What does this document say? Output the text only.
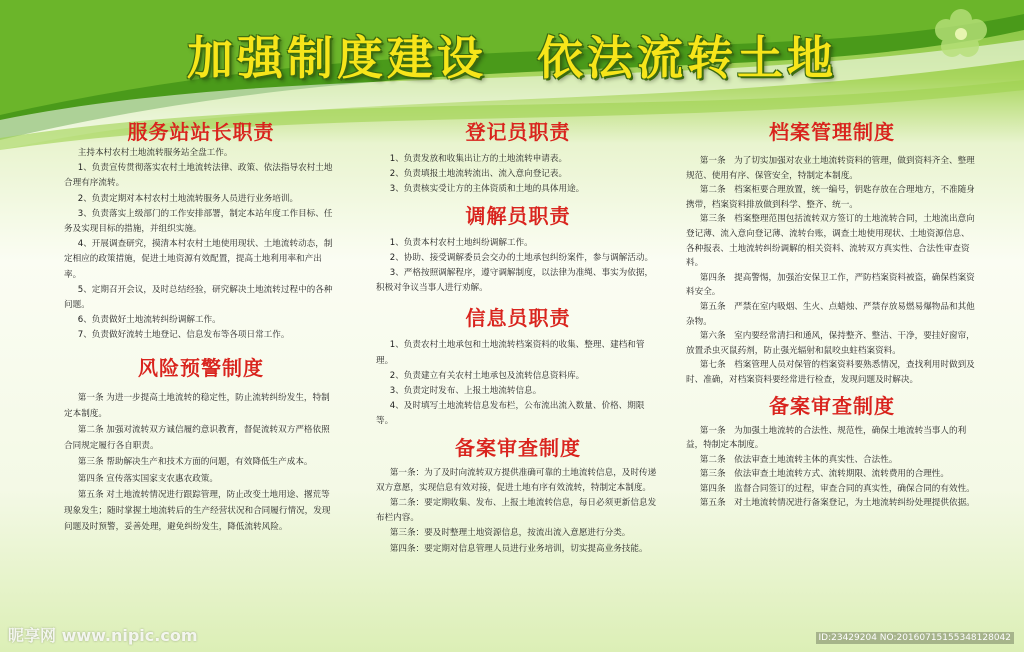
加强制度建设　依法流转土地
服务站站长职责

主持本村农村土地流转服务站全盘工作。

1、负责宣传贯彻落实农村土地流转法律、政策、依法指导农村土地合理有序流转。

2、负责定期对本村农村土地流转服务人员进行业务培训。

3、负责落实上级部门的工作安排部署，制定本站年度工作目标、任务及实现目标的措施，并组织实施。

4、开展调查研究，摸清本村农村土地使用现状、土地流转动态，制定相应的政策措施，促进土地资源有效配置，提高土地利用率和产出率。

5、定期召开会议，及时总结经验，研究解决土地流转过程中的各种问题。

6、负责做好土地流转纠纷调解工作。

7、负责做好流转土地登记、信息发布等各项日常工作。

风险预警制度

第一条 为进一步提高土地流转的稳定性，防止流转纠纷发生，特制定本制度。

第二条 加强对流转双方诚信履约意识教育，督促流转双方严格依照合同规定履行各自职责。

第三条 帮助解决生产和技术方面的问题，有效降低生产成本。

第四条 宣传落实国家支农惠农政策。

第五条 对土地流转情况进行跟踪管理，防止改变土地用途、撂荒等现象发生；随时掌握土地流转后的生产经营状况和合同履行情况，发现问题及时预警，妥善处理，避免纠纷发生，降低流转风险。

登记员职责

1、负责发放和收集出让方的土地流转申请表。

2、负责填报土地流转流出、流入意向登记表。

3、负责核实受让方的主体资质和土地的具体用途。

调解员职责

1、负责本村农村土地纠纷调解工作。

2、协助、接受调解委员会交办的土地承包纠纷案件，参与调解活动。

3、严格按照调解程序，遵守调解制度，以法律为准绳、事实为依据，积极对争议当事人进行劝解。

信息员职责

1、负责农村土地承包和土地流转档案资料的收集、整理、建档和管理。

2、负责建立有关农村土地承包及流转信息资料库。

3、负责定时发布、上报土地流转信息。

4、及时填写土地流转信息发布栏，公布流出流入数量、价格、期限等。

备案审查制度

第一条：为了及时向流转双方提供准确可靠的土地流转信息，及时传递双方意愿，实现信息有效对接，促进土地有序有效流转，特制定本制度。

第二条：要定期收集、发布、上报土地流转信息，每日必须更新信息发布栏内容。

第三条：要及时整理土地资源信息，按流出流入意愿进行分类。

第四条：要定期对信息管理人员进行业务培训，切实提高业务技能。

档案管理制度

第一条　为了切实加强对农业土地流转资料的管理，做到资料齐全、整理规范、使用有序、保管安全，特制定本制度。

第二条　档案柜要合理放置，统一编号，钥匙存放在合理地方，不准随身携带，档案资料排放做到科学、整齐、统一。

第三条　档案整理范围包括流转双方签订的土地流转合同，土地流出意向登记薄、流入意向登记薄、流转台账，调查土地使用现状、土地资源信息、各种报表、土地流转纠纷调解的相关资料、流转双方真实性、合法性审查资料。

第四条　提高警惕，加强治安保卫工作，严防档案资料被盗，确保档案资料安全。

第五条　严禁在室内吸烟、生火、点蜡烛、严禁存放易燃易爆物品和其他杂物。

第六条　室内要经常清扫和通风，保持整齐、整洁、干净，要挂好窗帘，放置杀虫灭鼠药剂，防止强光辐射和鼠咬虫蛀档案资料。

第七条　档案管理人员对保管的档案资料要熟悉情况，查找利用时做到及时、准确，对档案资料要经常进行检查，发现问题及时解决。

备案审查制度

第一条　为加强土地流转的合法性、规范性，确保土地流转当事人的利益，特制定本制度。

第二条　依法审查土地流转主体的真实性、合法性。

第三条　依法审查土地流转方式、流转期限、流转费用的合理性。

第四条　监督合同签订的过程，审查合同的真实性，确保合同的有效性。

第五条　对土地流转情况进行备案登记，为土地流转纠纷处理提供依据。

昵享网 www.nipic.com	ID:23429204 NO:20160715155348128042
